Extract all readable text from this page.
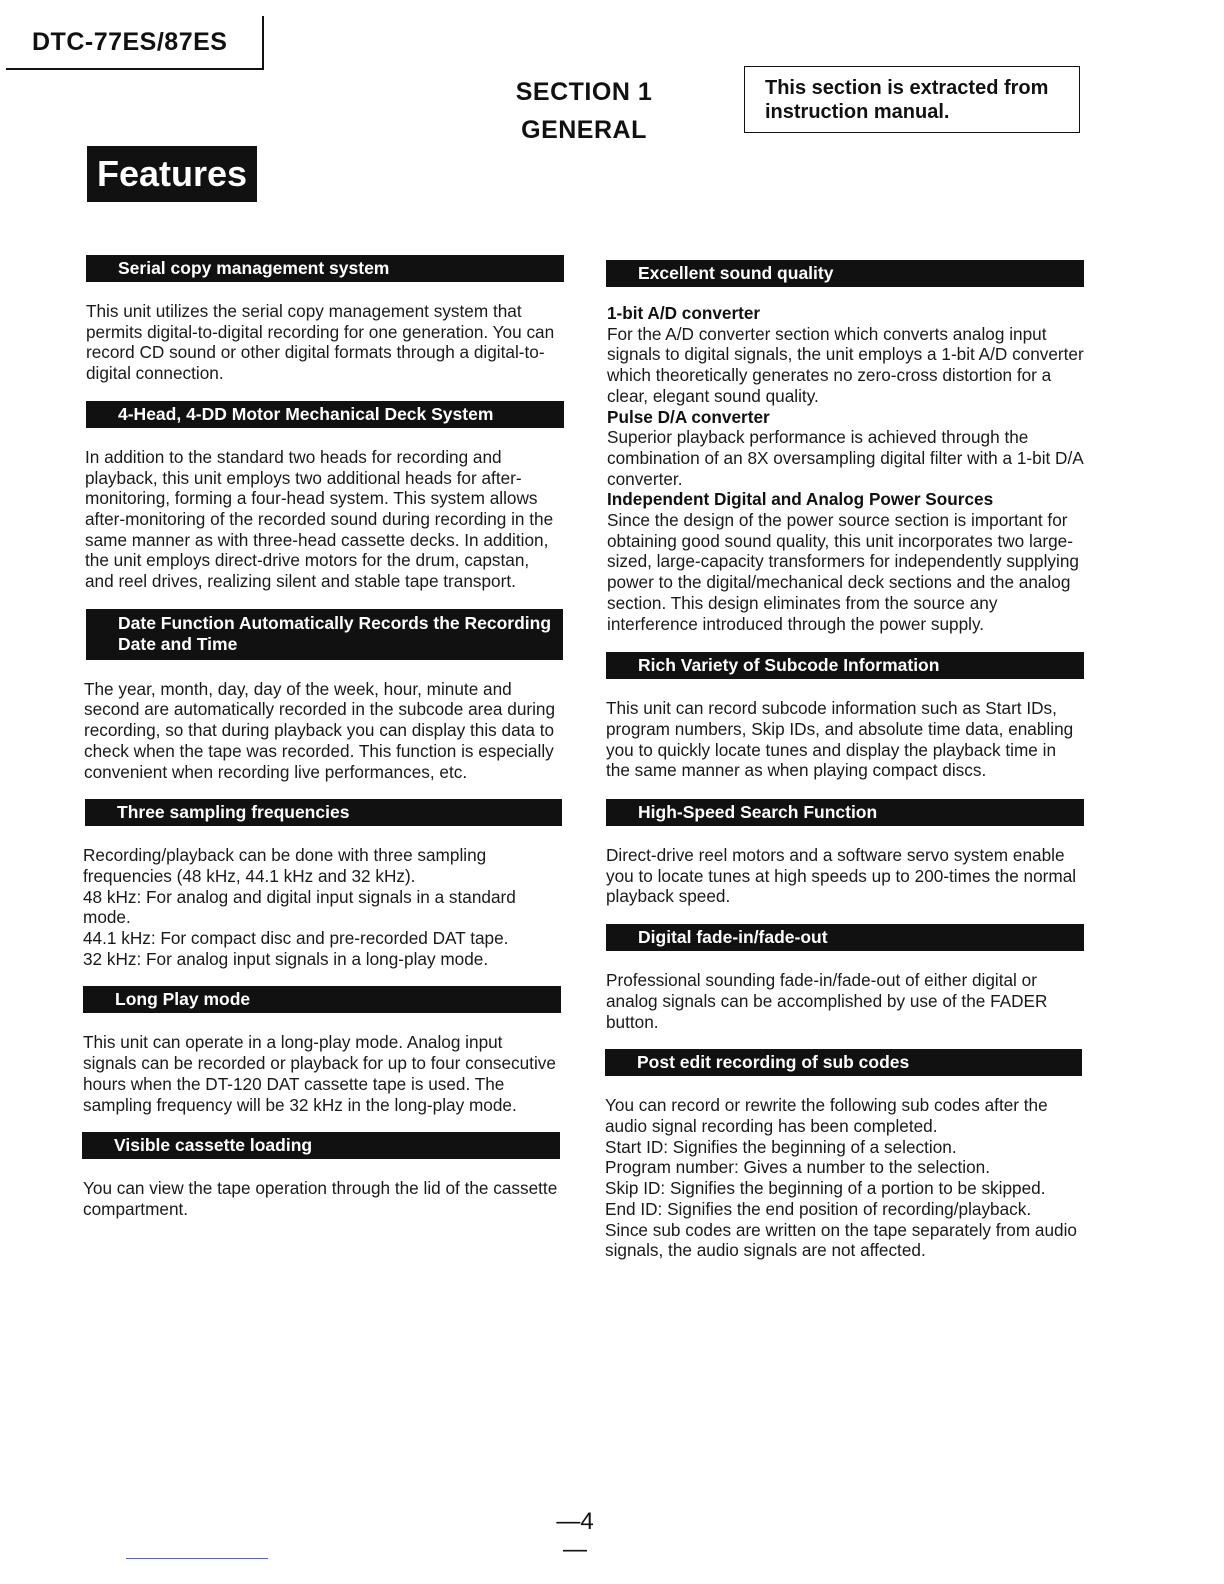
DTC-77ES/87ES
SECTION 1
GENERAL
This section is extracted from instruction manual.
Features
Serial copy management system
This unit utilizes the serial copy management system that permits digital-to-digital recording for one generation. You can record CD sound or other digital formats through a digital-to-digital connection.
4-Head, 4-DD Motor Mechanical Deck System
In addition to the standard two heads for recording and playback, this unit employs two additional heads for after-monitoring, forming a four-head system. This system allows after-monitoring of the recorded sound during recording in the same manner as with three-head cassette decks. In addition, the unit employs direct-drive motors for the drum, capstan, and reel drives, realizing silent and stable tape transport.
Date Function Automatically Records the Recording Date and Time
The year, month, day, day of the week, hour, minute and second are automatically recorded in the subcode area during recording, so that during playback you can display this data to check when the tape was recorded. This function is especially convenient when recording live performances, etc.
Three sampling frequencies
Recording/playback can be done with three sampling frequencies (48 kHz, 44.1 kHz and 32 kHz).
48 kHz: For analog and digital input signals in a standard mode.
44.1 kHz: For compact disc and pre-recorded DAT tape.
32 kHz: For analog input signals in a long-play mode.
Long Play mode
This unit can operate in a long-play mode. Analog input signals can be recorded or playback for up to four consecutive hours when the DT-120 DAT cassette tape is used. The sampling frequency will be 32 kHz in the long-play mode.
Visible cassette loading
You can view the tape operation through the lid of the cassette compartment.
Excellent sound quality
1-bit A/D converter
For the A/D converter section which converts analog input signals to digital signals, the unit employs a 1-bit A/D converter which theoretically generates no zero-cross distortion for a clear, elegant sound quality.
Pulse D/A converter
Superior playback performance is achieved through the combination of an 8X oversampling digital filter with a 1-bit D/A converter.
Independent Digital and Analog Power Sources
Since the design of the power source section is important for obtaining good sound quality, this unit incorporates two large-sized, large-capacity transformers for independently supplying power to the digital/mechanical deck sections and the analog section. This design eliminates from the source any interference introduced through the power supply.
Rich Variety of Subcode Information
This unit can record subcode information such as Start IDs, program numbers, Skip IDs, and absolute time data, enabling you to quickly locate tunes and display the playback time in the same manner as when playing compact discs.
High-Speed Search Function
Direct-drive reel motors and a software servo system enable you to locate tunes at high speeds up to 200-times the normal playback speed.
Digital fade-in/fade-out
Professional sounding fade-in/fade-out of either digital or analog signals can be accomplished by use of the FADER button.
Post edit recording of sub codes
You can record or rewrite the following sub codes after the audio signal recording has been completed.
Start ID: Signifies the beginning of a selection.
Program number: Gives a number to the selection.
Skip ID: Signifies the beginning of a portion to be skipped.
End ID: Signifies the end position of recording/playback.
Since sub codes are written on the tape separately from audio signals, the audio signals are not affected.
—4—
